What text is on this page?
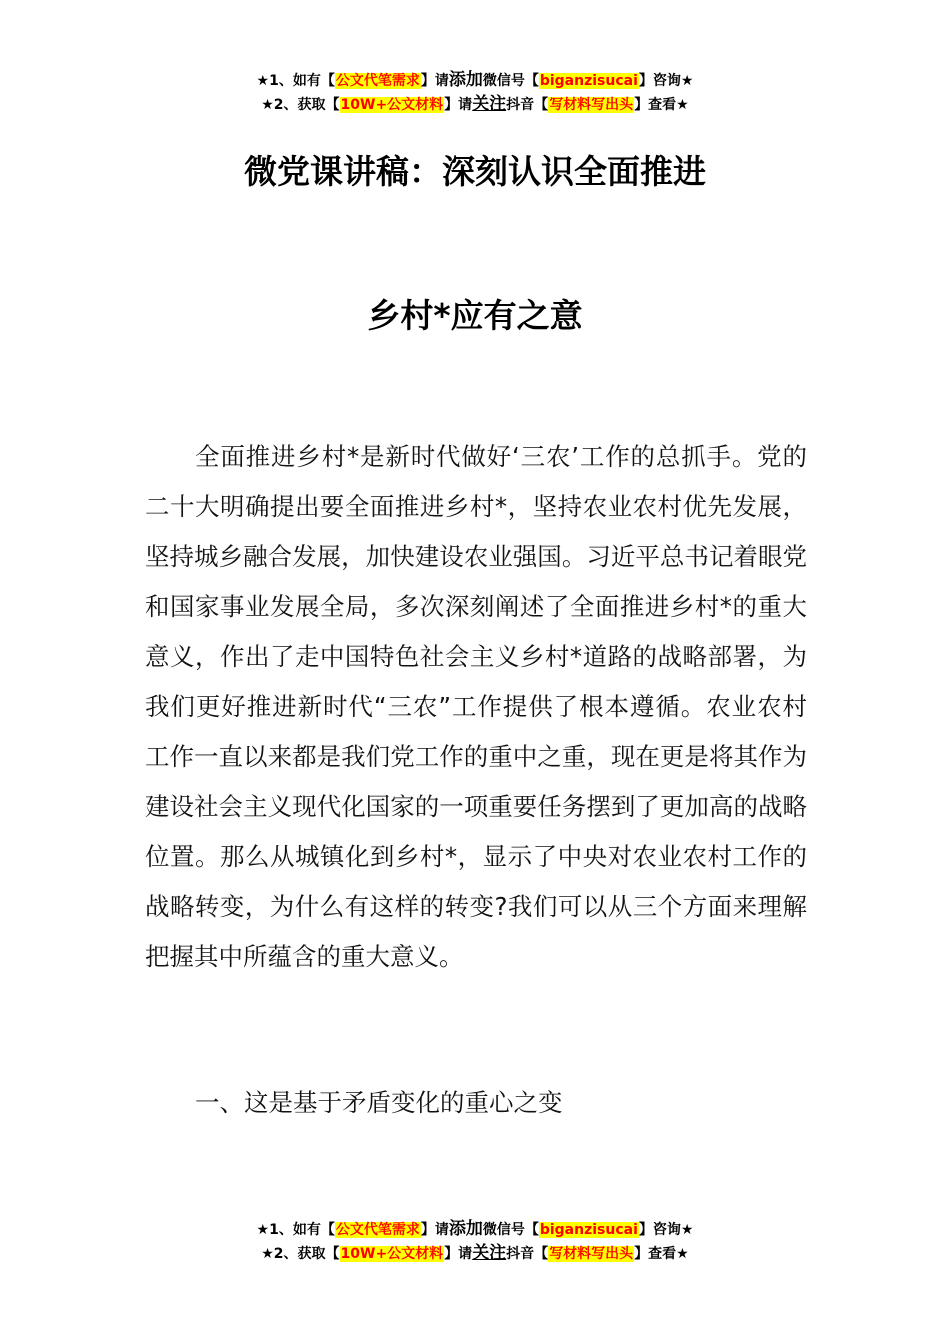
★1、如有【公文代笔需求】请添加微信号【biganzisucai】咨询★
★2、获取【10W+公文材料】请关注抖音【写材料写出头】查看★
微党课讲稿：深刻认识全面推进
乡村*应有之意

全面推进乡村*是新时代做好‘三农’工作的总抓手。党的二十大明确提出要全面推进乡村*，坚持农业农村优先发展，坚持城乡融合发展，加快建设农业强国。习近平总书记着眼党和国家事业发展全局，多次深刻阐述了全面推进乡村*的重大意义，作出了走中国特色社会主义乡村*道路的战略部署，为我们更好推进新时代“三农”工作提供了根本遵循。农业农村工作一直以来都是我们党工作的重中之重，现在更是将其作为建设社会主义现代化国家的一项重要任务摆到了更加高的战略位置。那么从城镇化到乡村*，显示了中央对农业农村工作的战略转变，为什么有这样的转变?我们可以从三个方面来理解把握其中所蕴含的重大意义。

一、这是基于矛盾变化的重心之变

★1、如有【公文代笔需求】请添加微信号【biganzisucai】咨询★
★2、获取【10W+公文材料】请关注抖音【写材料写出头】查看★
